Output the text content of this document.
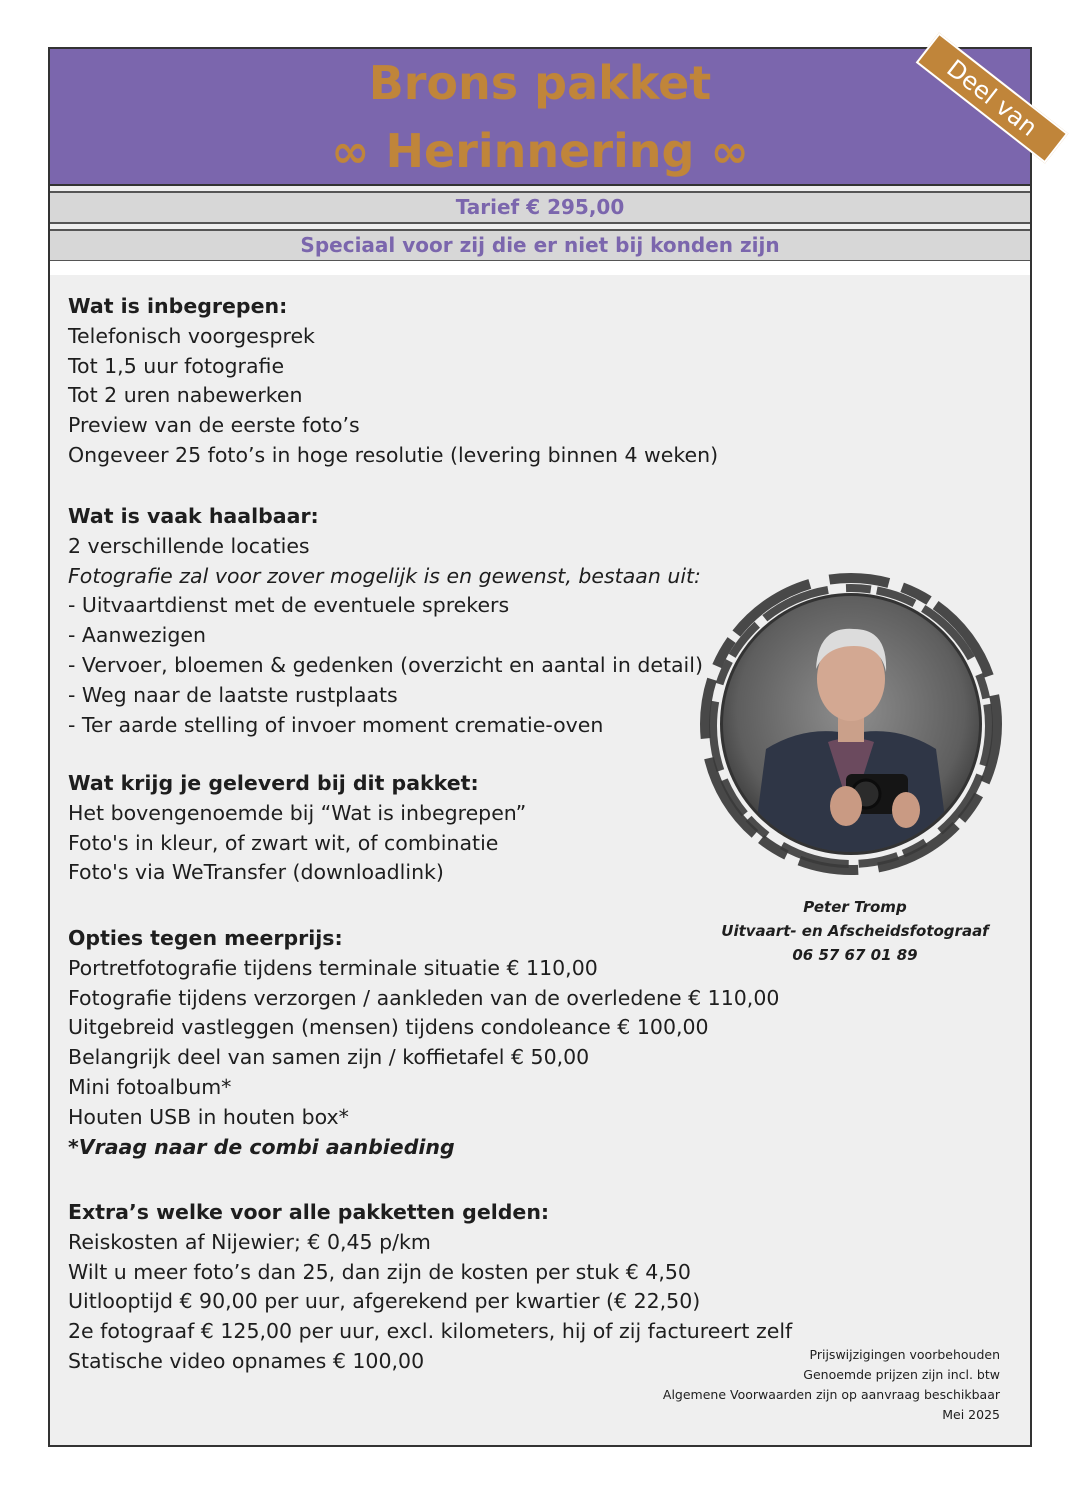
Brons pakket
∞ Herinnering ∞
Deel van
Tarief € 295,00
Speciaal voor zij die er niet bij konden zijn
Wat is inbegrepen:
Telefonisch voorgesprek
Tot 1,5 uur fotografie
Tot 2 uren nabewerken
Preview van de eerste foto’s
Ongeveer 25 foto’s in hoge resolutie (levering binnen 4 weken)
Wat is vaak haalbaar:
2 verschillende locaties
Fotografie zal voor zover mogelijk is en gewenst, bestaan uit:
- Uitvaartdienst met de eventuele sprekers
- Aanwezigen
- Vervoer, bloemen & gedenken (overzicht en aantal in detail)
- Weg naar de laatste rustplaats
- Ter aarde stelling of invoer moment crematie-oven
Wat krijg je geleverd bij dit pakket:
Het bovengenoemde bij “Wat is inbegrepen”
Foto's in kleur, of zwart wit, of combinatie
Foto's via WeTransfer (downloadlink)
Opties tegen meerprijs:
Portretfotografie tijdens terminale situatie € 110,00
Fotografie tijdens verzorgen / aankleden van de overledene € 110,00
Uitgebreid vastleggen (mensen) tijdens condoleance € 100,00
Belangrijk deel van samen zijn / koffietafel € 50,00
Mini fotoalbum*
Houten USB in houten box*
*Vraag naar de combi aanbieding
Extra’s welke voor alle pakketten gelden:
Reiskosten af Nijewier; € 0,45 p/km
Wilt u meer foto’s dan 25, dan zijn de kosten per stuk € 4,50
Uitlooptijd € 90,00 per uur, afgerekend per kwartier (€ 22,50)
2e fotograaf € 125,00 per uur, excl. kilometers, hij of zij factureert zelf
Statische video opnames € 100,00
Peter Tromp
Uitvaart- en Afscheidsfotograaf
06 57 67 01 89
Prijswijzigingen voorbehouden
Genoemde prijzen zijn incl. btw
Algemene Voorwaarden zijn op aanvraag beschikbaar
Mei 2025
